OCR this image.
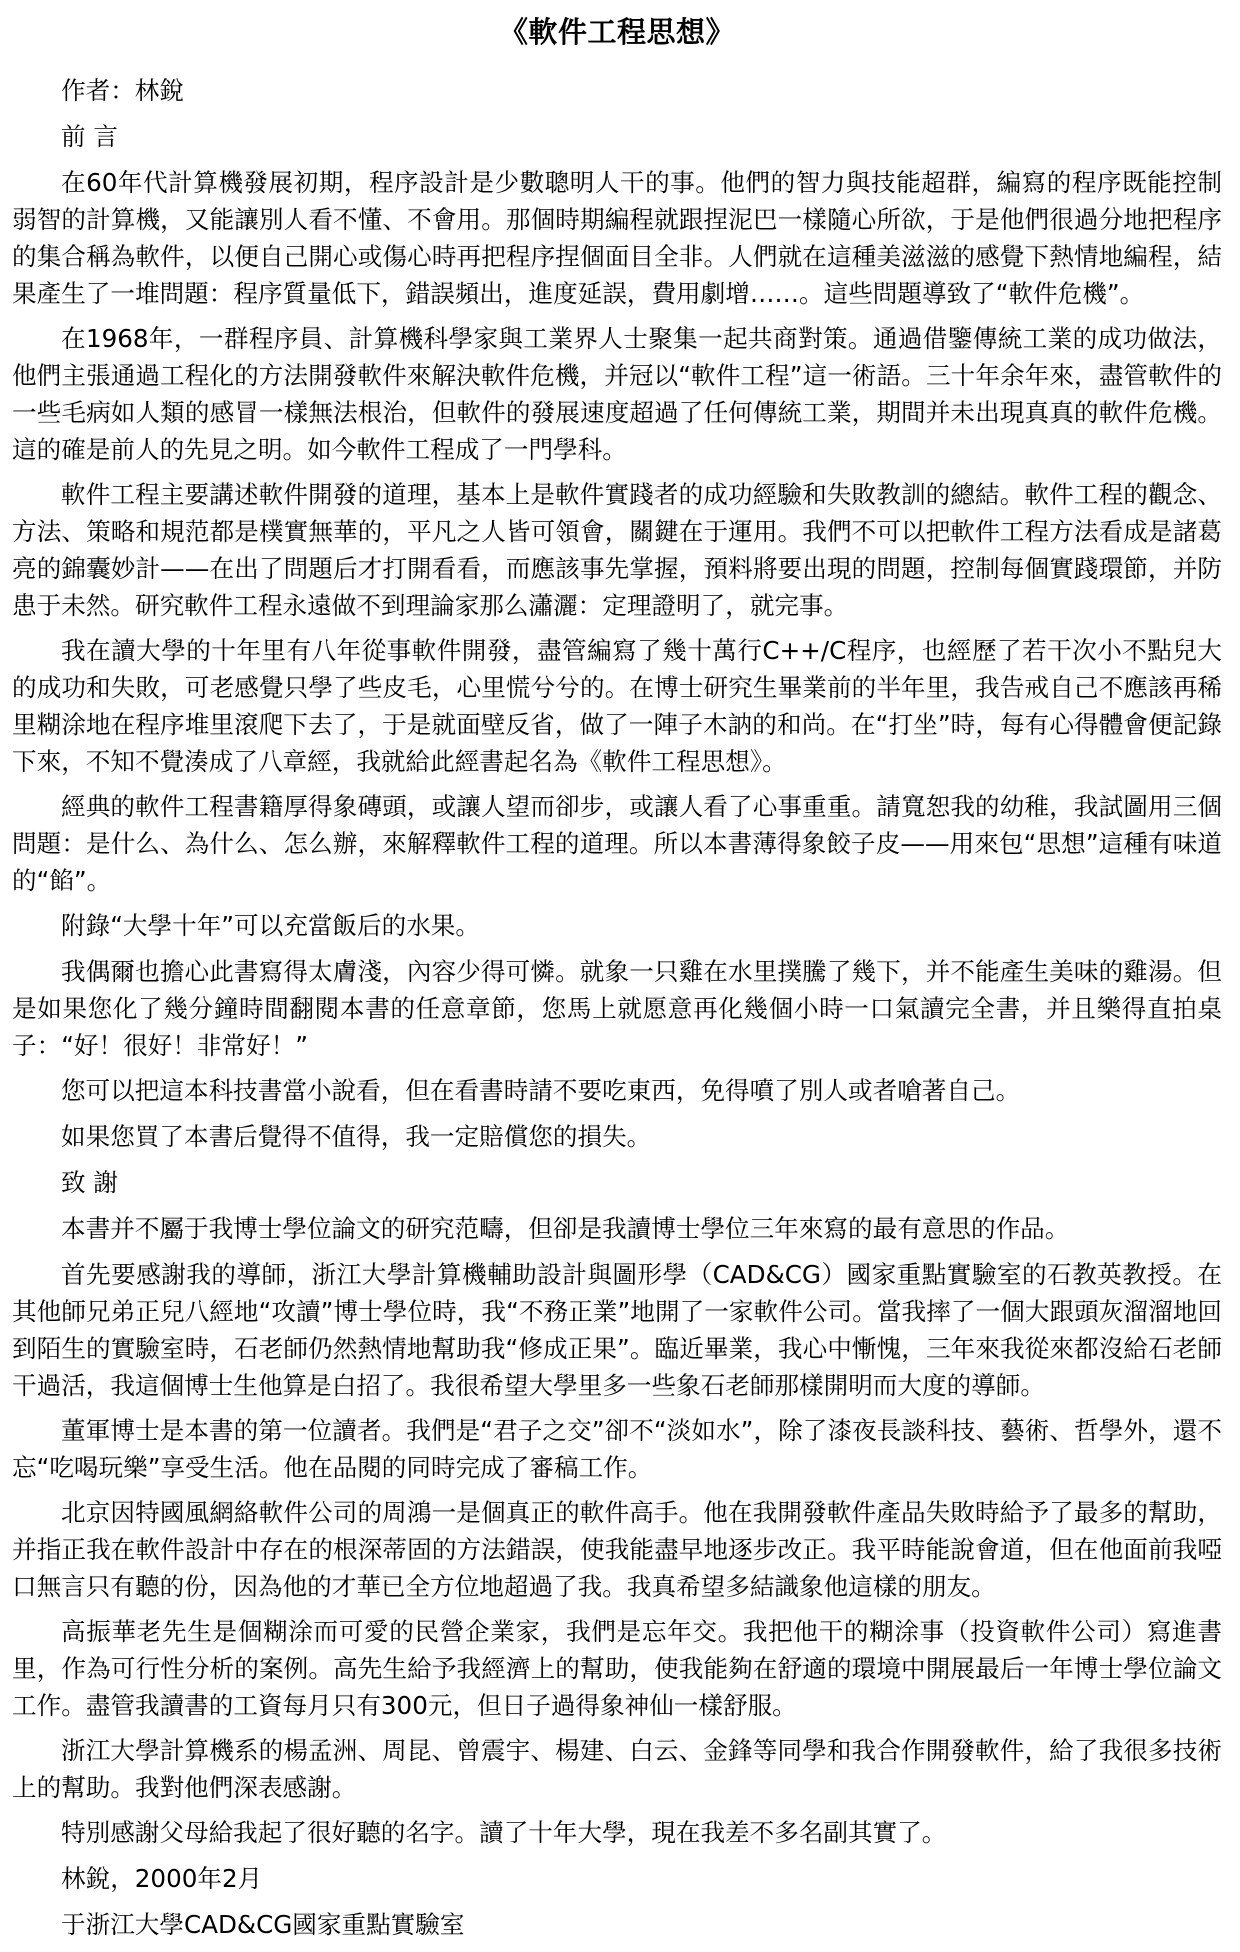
《軟件工程思想》

作者：林銳

前 言

在60年代計算機發展初期，程序設計是少數聰明人干的事。他們的智力與技能超群，編寫的程序既能控制弱智的計算機，又能讓別人看不懂、不會用。那個時期編程就跟捏泥巴一樣隨心所欲，于是他們很過分地把程序的集合稱為軟件，以便自己開心或傷心時再把程序捏個面目全非。人們就在這種美滋滋的感覺下熱情地編程，結果產生了一堆問題：程序質量低下，錯誤頻出，進度延誤，費用劇增……。這些問題導致了“軟件危機”。

在1968年，一群程序員、計算機科學家與工業界人士聚集一起共商對策。通過借鑒傳統工業的成功做法，他們主張通過工程化的方法開發軟件來解決軟件危機，并冠以“軟件工程”這一術語。三十年余年來，盡管軟件的一些毛病如人類的感冒一樣無法根治，但軟件的發展速度超過了任何傳統工業，期間并未出現真真的軟件危機。這的確是前人的先見之明。如今軟件工程成了一門學科。

軟件工程主要講述軟件開發的道理，基本上是軟件實踐者的成功經驗和失敗教訓的總結。軟件工程的觀念、方法、策略和規范都是樸實無華的，平凡之人皆可領會，關鍵在于運用。我們不可以把軟件工程方法看成是諸葛亮的錦囊妙計——在出了問題后才打開看看，而應該事先掌握，預料將要出現的問題，控制每個實踐環節，并防患于未然。研究軟件工程永遠做不到理論家那么瀟灑：定理證明了，就完事。

我在讀大學的十年里有八年從事軟件開發，盡管編寫了幾十萬行C++/C程序，也經歷了若干次小不點兒大的成功和失敗，可老感覺只學了些皮毛，心里慌兮兮的。在博士研究生畢業前的半年里，我告戒自己不應該再稀里糊涂地在程序堆里滾爬下去了，于是就面壁反省，做了一陣子木訥的和尚。在“打坐”時，每有心得體會便記錄下來，不知不覺湊成了八章經，我就給此經書起名為《軟件工程思想》。

經典的軟件工程書籍厚得象磚頭，或讓人望而卻步，或讓人看了心事重重。請寬恕我的幼稚，我試圖用三個問題：是什么、為什么、怎么辦，來解釋軟件工程的道理。所以本書薄得象餃子皮——用來包“思想”這種有味道的“餡”。

附錄“大學十年”可以充當飯后的水果。

我偶爾也擔心此書寫得太膚淺，內容少得可憐。就象一只雞在水里撲騰了幾下，并不能產生美味的雞湯。但是如果您化了幾分鐘時間翻閱本書的任意章節，您馬上就愿意再化幾個小時一口氣讀完全書，并且樂得直拍桌子：“好！很好！非常好！”

您可以把這本科技書當小說看，但在看書時請不要吃東西，免得噴了別人或者嗆著自己。

如果您買了本書后覺得不值得，我一定賠償您的損失。

致 謝

本書并不屬于我博士學位論文的研究范疇，但卻是我讀博士學位三年來寫的最有意思的作品。

首先要感謝我的導師，浙江大學計算機輔助設計與圖形學（CAD&CG）國家重點實驗室的石教英教授。在其他師兄弟正兒八經地“攻讀”博士學位時，我“不務正業”地開了一家軟件公司。當我摔了一個大跟頭灰溜溜地回到陌生的實驗室時，石老師仍然熱情地幫助我“修成正果”。臨近畢業，我心中慚愧，三年來我從來都沒給石老師干過活，我這個博士生他算是白招了。我很希望大學里多一些象石老師那樣開明而大度的導師。

董軍博士是本書的第一位讀者。我們是“君子之交”卻不“淡如水”，除了漆夜長談科技、藝術、哲學外，還不忘“吃喝玩樂”享受生活。他在品閱的同時完成了審稿工作。

北京因特國風網絡軟件公司的周鴻一是個真正的軟件高手。他在我開發軟件產品失敗時給予了最多的幫助，并指正我在軟件設計中存在的根深蒂固的方法錯誤，使我能盡早地逐步改正。我平時能說會道，但在他面前我啞口無言只有聽的份，因為他的才華已全方位地超過了我。我真希望多結識象他這樣的朋友。

高振華老先生是個糊涂而可愛的民營企業家，我們是忘年交。我把他干的糊涂事（投資軟件公司）寫進書里，作為可行性分析的案例。高先生給予我經濟上的幫助，使我能夠在舒適的環境中開展最后一年博士學位論文工作。盡管我讀書的工資每月只有300元，但日子過得象神仙一樣舒服。

浙江大學計算機系的楊孟洲、周昆、曾震宇、楊建、白云、金鋒等同學和我合作開發軟件，給了我很多技術上的幫助。我對他們深表感謝。

特別感謝父母給我起了很好聽的名字。讀了十年大學，現在我差不多名副其實了。

林銳，2000年2月

于浙江大學CAD&CG國家重點實驗室
